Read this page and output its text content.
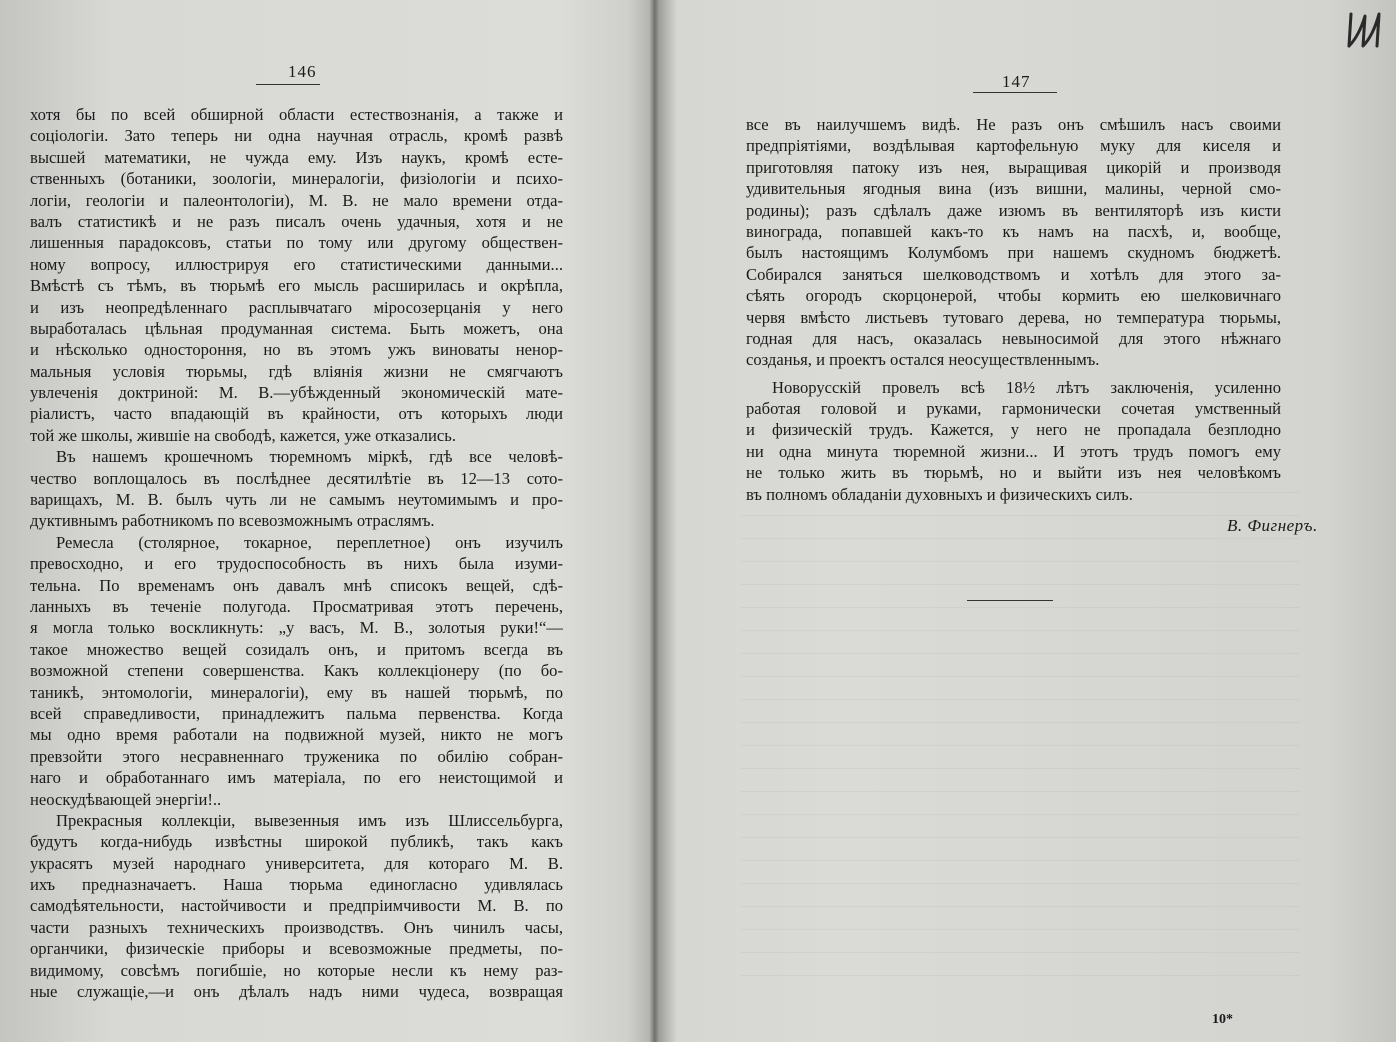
146
хотя бы по всей обширной области естествознанія, а также и
соціологіи. Зато теперь ни одна научная отрасль, кромѣ развѣ
высшей математики, не чужда ему. Изъ наукъ, кромѣ есте-
ственныхъ (ботаники, зоологіи, минералогіи, физіологіи и психо-
логіи, геологіи и палеонтологіи), М. В. не мало времени отда-
валъ статистикѣ и не разъ писалъ очень удачныя, хотя и не
лишенныя парадоксовъ, статьи по тому или другому обществен-
ному вопросу, иллюстрируя его статистическими данными...
Вмѣстѣ съ тѣмъ, въ тюрьмѣ его мысль расширилась и окрѣпла,
и изъ неопредѣленнаго расплывчатаго міросозерцанія у него
выработалась цѣльная продуманная система. Быть можетъ, она
и нѣсколько одностороння, но въ этомъ ужъ виноваты ненор-
мальныя условія тюрьмы, гдѣ вліянія жизни не смягчаютъ
увлеченія доктриной: М. В.—убѣжденный экономическій мате-
ріалистъ, часто впадающій въ крайности, отъ которыхъ люди
той же школы, жившіе на свободѣ, кажется, уже отказались.
Въ нашемъ крошечномъ тюремномъ міркѣ, гдѣ все человѣ-
чество воплощалось въ послѣднее десятилѣтіе въ 12—13 сото-
варищахъ, М. В. былъ чуть ли не самымъ неутомимымъ и про-
дуктивнымъ работникомъ по всевозможнымъ отраслямъ.
Ремесла (столярное, токарное, переплетное) онъ изучилъ
превосходно, и его трудоспособность въ нихъ была изуми-
тельна. По временамъ онъ давалъ мнѣ списокъ вещей, сдѣ-
ланныхъ въ теченіе полугода. Просматривая этотъ перечень,
я могла только воскликнуть: „у васъ, М. В., золотыя руки!“—
такое множество вещей созидалъ онъ, и притомъ всегда въ
возможной степени совершенства. Какъ коллекціонеру (по бо-
таникѣ, энтомологіи, минералогіи), ему въ нашей тюрьмѣ, по
всей справедливости, принадлежитъ пальма первенства. Когда
мы одно время работали на подвижной музей, никто не могъ
превзойти этого несравненнаго труженика по обилію собран-
наго и обработаннаго имъ матеріала, по его неистощимой и
неоскудѣвающей энергіи!..
Прекрасныя коллекціи, вывезенныя имъ изъ Шлиссельбурга,
будутъ когда-нибудь извѣстны широкой публикѣ, такъ какъ
украсятъ музей народнаго университета, для котораго М. В.
ихъ предназначаетъ. Наша тюрьма единогласно удивлялась
самодѣятельности, настойчивости и предпріимчивости М. В. по
части разныхъ техническихъ производствъ. Онъ чинилъ часы,
органчики, физическіе приборы и всевозможные предметы, по-
видимому, совсѣмъ погибшіе, но которые несли къ нему раз-
ные служащіе,—и онъ дѣлалъ надъ ними чудеса, возвращая
147
все въ наилучшемъ видѣ. Не разъ онъ смѣшилъ насъ своими
предпріятіями, воздѣлывая картофельную муку для киселя и
приготовляя патоку изъ нея, выращивая цикорій и производя
удивительныя ягодныя вина (изъ вишни, малины, черной смо-
родины); разъ сдѣлалъ даже изюмъ въ вентиляторѣ изъ кисти
винограда, попавшей какъ-то къ намъ на пасхѣ, и, вообще,
былъ настоящимъ Колумбомъ при нашемъ скудномъ бюджетѣ.
Собирался заняться шелководствомъ и хотѣлъ для этого за-
сѣять огородъ скорцонерой, чтобы кормить ею шелковичнаго
червя вмѣсто листьевъ тутоваго дерева, но температура тюрьмы,
годная для насъ, оказалась невыносимой для этого нѣжнаго
созданья, и проектъ остался неосуществленнымъ.
Новорусскій провелъ всѣ 18½ лѣтъ заключенія, усиленно
работая головой и руками, гармонически сочетая умственный
и физическій трудъ. Кажется, у него не пропадала безплодно
ни одна минута тюремной жизни... И этотъ трудъ помогъ ему
не только жить въ тюрьмѣ, но и выйти изъ нея человѣкомъ
въ полномъ обладаніи духовныхъ и физическихъ силъ.
В. Фигнеръ.
10*
